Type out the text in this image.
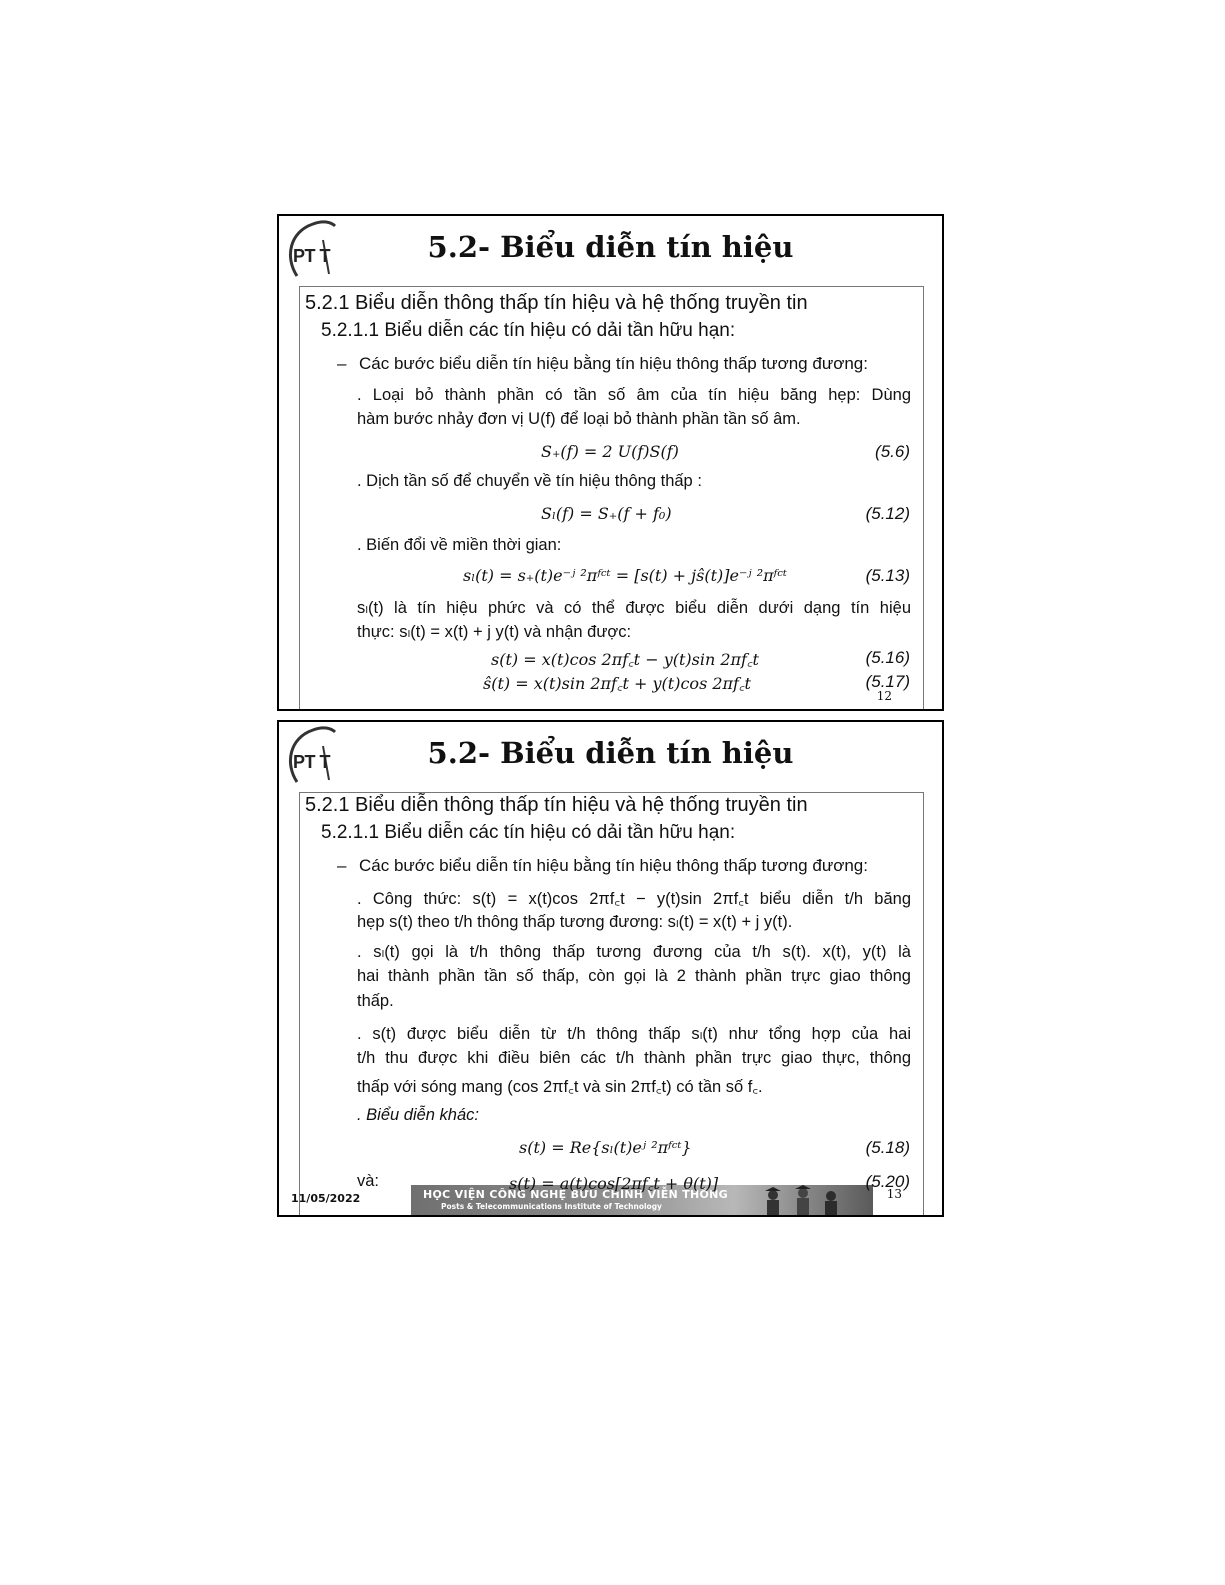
PT T	5.2- Biểu diễn tín hiệu
5.2.1 Biểu diễn thông thấp tín hiệu và hệ thống truyền tin
5.2.1.1 Biểu diễn các tín hiệu có dải tần hữu hạn:
– Các bước biểu diễn tín hiệu bằng tín hiệu thông thấp tương đương:
. Loại bỏ thành phần có tần số âm của tín hiệu băng hẹp: Dùng
hàm bước nhảy đơn vị U(f) để loại bỏ thành phần tần số âm.
S₊(f) = 2 U(f)S(f)	(5.6)
. Dịch tần số để chuyển về tín hiệu thông thấp :
Sₗ(f) = S₊(f + f₀)	(5.12)
. Biến đổi về miền thời gian:
sₗ(t) = s₊(t)e⁻ʲ ²ᴨᶠᶜᵗ = [s(t) + jŝ(t)]e⁻ʲ ²ᴨᶠᶜᵗ	(5.13)
sₗ(t) là tín hiệu phức và có thể được biểu diễn dưới dạng tín hiệu
thực: sₗ(t) = x(t) + j y(t) và nhận được:
s(t) = x(t)cos 2πf꜀t − y(t)sin 2πf꜀t	(5.16)
ŝ(t) = x(t)sin 2πf꜀t + y(t)cos 2πf꜀t	(5.17)
12
PT T	5.2- Biểu diễn tín hiệu
5.2.1 Biểu diễn thông thấp tín hiệu và hệ thống truyền tin
5.2.1.1 Biểu diễn các tín hiệu có dải tần hữu hạn:
– Các bước biểu diễn tín hiệu bằng tín hiệu thông thấp tương đương:
. Công thức: s(t) = x(t)cos 2πf꜀t − y(t)sin 2πf꜀t biểu diễn t/h băng
hẹp s(t) theo t/h thông thấp tương đương: sₗ(t) = x(t) + j y(t).
. sₗ(t) gọi là t/h thông thấp tương đương của t/h s(t). x(t), y(t) là
hai thành phần tần số thấp, còn gọi là 2 thành phần trực giao thông
thấp.
. s(t) được biểu diễn từ t/h thông thấp sₗ(t) như tổng hợp của hai
t/h thu được khi điều biên các t/h thành phần trực giao thực, thông
thấp với sóng mang (cos 2πf꜀t và sin 2πf꜀t) có tần số f꜀.
. Biểu diễn khác:
s(t) = Re{sₗ(t)eʲ ²ᴨᶠᶜᵗ}	(5.18)
11/05/2022	HỌC VIỆN CÔNG NGHỆ BƯU CHÍNH VIỄN THÔNG
Posts & Telecommunications Institute of Technology
và:	s(t) = a(t)cos[2πf꜀t + θ(t)]	(5.20)
13
